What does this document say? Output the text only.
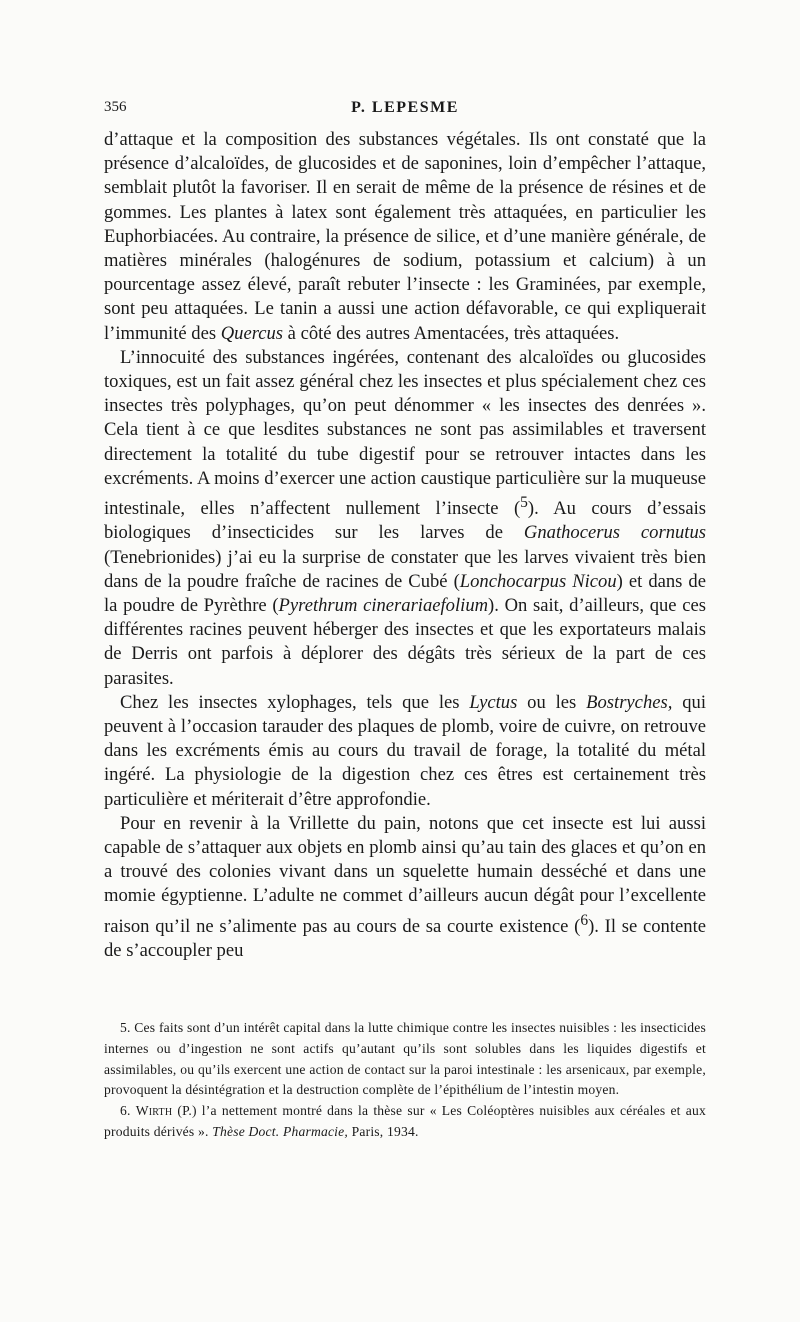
356	P. LEPESME

d’attaque et la composition des substances végétales. Ils ont constaté que la présence d’alcaloïdes, de glucosides et de saponines, loin d’empêcher l’attaque, semblait plutôt la favoriser. Il en serait de même de la présence de résines et de gommes. Les plantes à latex sont également très attaquées, en particulier les Euphorbiacées. Au contraire, la présence de silice, et d’une manière générale, de matières minérales (halogénures de sodium, potassium et calcium) à un pourcentage assez élevé, paraît rebuter l’insecte : les Graminées, par exemple, sont peu attaquées. Le tanin a aussi une action défavorable, ce qui expliquerait l’immunité des Quercus à côté des autres Amentacées, très attaquées.

L’innocuité des substances ingérées, contenant des alcaloïdes ou glucosides toxiques, est un fait assez général chez les insectes et plus spécialement chez ces insectes très polyphages, qu’on peut dénommer « les insectes des denrées ». Cela tient à ce que lesdites substances ne sont pas assimilables et traversent directement la totalité du tube digestif pour se retrouver intactes dans les excréments. A moins d’exercer une action caustique particulière sur la muqueuse intestinale, elles n’affectent nullement l’insecte ($^5$). Au cours d’essais biologiques d’insecticides sur les larves de Gnathocerus cornutus (Tenebrionides) j’ai eu la surprise de constater que les larves vivaient très bien dans de la poudre fraîche de racines de Cubé (Lonchocarpus Nicou) et dans de la poudre de Pyrèthre (Pyrethrum cinerariaefolium). On sait, d’ailleurs, que ces différentes racines peuvent héberger des insectes et que les exportateurs malais de Derris ont parfois à déplorer des dégâts très sérieux de la part de ces parasites.

Chez les insectes xylophages, tels que les Lyctus ou les Bostryches, qui peuvent à l’occasion tarauder des plaques de plomb, voire de cuivre, on retrouve dans les excréments émis au cours du travail de forage, la totalité du métal ingéré. La physiologie de la digestion chez ces êtres est certainement très particulière et mériterait d’être approfondie.

Pour en revenir à la Vrillette du pain, notons que cet insecte est lui aussi capable de s’attaquer aux objets en plomb ainsi qu’au tain des glaces et qu’on en a trouvé des colonies vivant dans un squelette humain desséché et dans une momie égyptienne. L’adulte ne commet d’ailleurs aucun dégât pour l’excellente raison qu’il ne s’alimente pas au cours de sa courte existence ($^6$). Il se contente de s’accoupler peu

5. Ces faits sont d’un intérêt capital dans la lutte chimique contre les insectes nuisibles : les insecticides internes ou d’ingestion ne sont actifs qu’autant qu’ils sont solubles dans les liquides digestifs et assimilables, ou qu’ils exercent une action de contact sur la paroi intestinale : les arsenicaux, par exemple, provoquent la désintégration et la destruction complète de l’épithélium de l’intestin moyen.

6. Wirth (P.) l’a nettement montré dans la thèse sur « Les Coléoptères nuisibles aux céréales et aux produits dérivés ». Thèse Doct. Pharmacie, Paris, 1934.
